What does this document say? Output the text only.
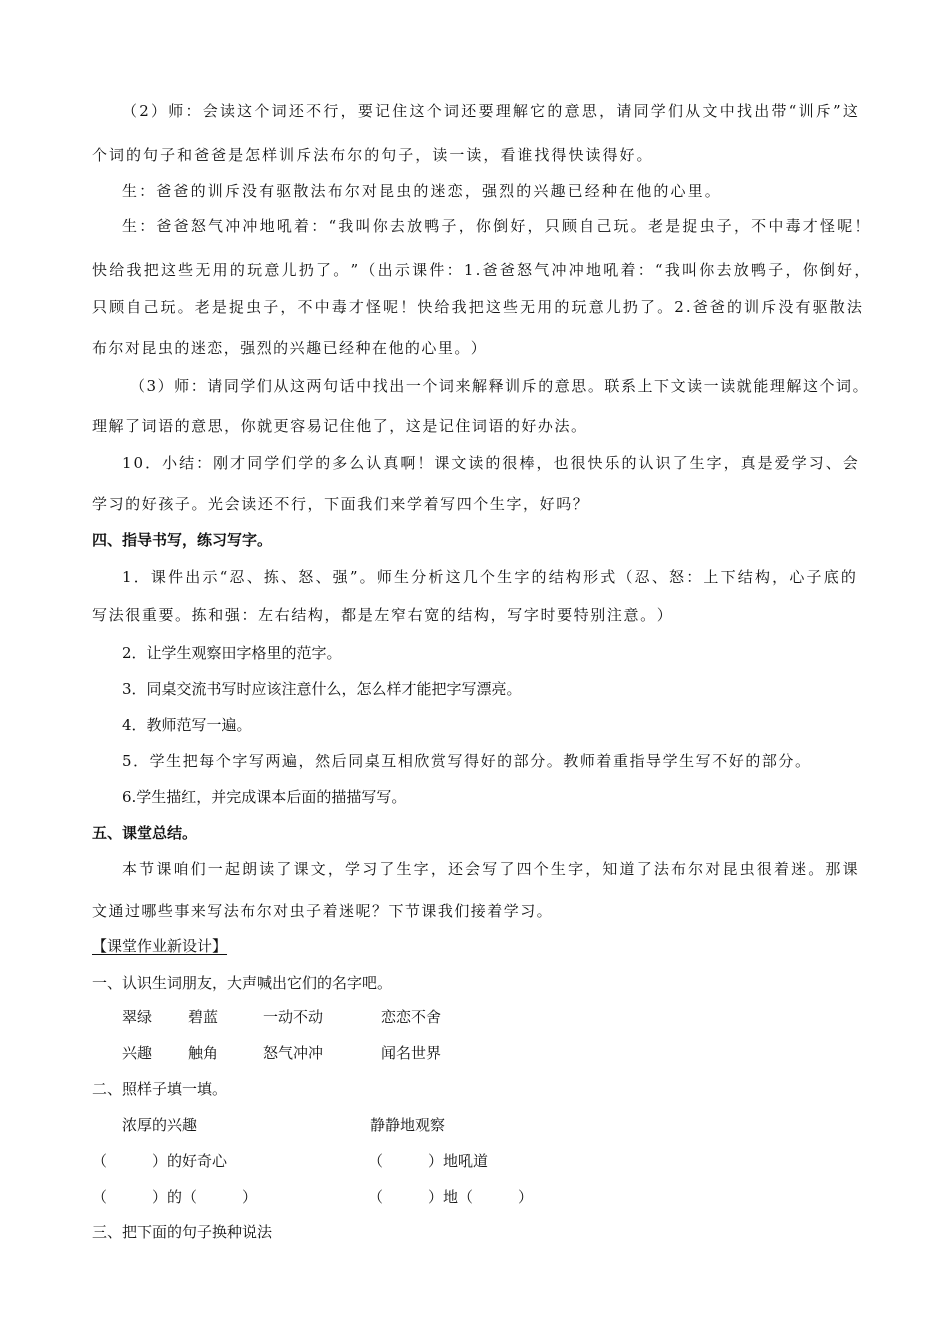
（ 2 ） 师 ： 会 读 这 个 词 还 不 行 ， 要 记 住 这 个 词 还 要 理 解 它 的 意 思 ， 请 同 学 们 从 文 中 找 出 带 “ 训 斥 ” 这
个 词 的 句 子 和 爸 爸 是 怎 样 训 斥 法 布 尔 的 句 子 ， 读 一 读 ， 看 谁 找 得 快 读 得 好 。
生 ： 爸 爸 的 训 斥 没 有 驱 散 法 布 尔 对 昆 虫 的 迷 恋 ， 强 烈 的 兴 趣 已 经 种 在 他 的 心 里 。
生 ： 爸 爸 怒 气 冲 冲 地 吼 着 ： “ 我 叫 你 去 放 鸭 子 ， 你 倒 好 ， 只 顾 自 己 玩 。 老 是 捉 虫 子 ， 不 中 毒 才 怪 呢 ！
快 给 我 把 这 些 无 用 的 玩 意 儿 扔 了 。 ” （ 出 示 课 件 ： 1 . 爸 爸 怒 气 冲 冲 地 吼 着 ： “ 我 叫 你 去 放 鸭 子 ， 你 倒 好 ，
只 顾 自 己 玩 。 老 是 捉 虫 子 ， 不 中 毒 才 怪 呢 ！ 快 给 我 把 这 些 无 用 的 玩 意 儿 扔 了 。 2 . 爸 爸 的 训 斥 没 有 驱 散 法
布 尔 对 昆 虫 的 迷 恋 ， 强 烈 的 兴 趣 已 经 种 在 他 的 心 里 。 ）
（ 3 ） 师 ： 请 同 学 们 从 这 两 句 话 中 找 出 一 个 词 来 解 释 训 斥 的 意 思 。 联 系 上 下 文 读 一 读 就 能 理 解 这 个 词 。
理 解 了 词 语 的 意 思 ， 你 就 更 容 易 记 住 他 了 ， 这 是 记 住 词 语 的 好 办 法 。
1 0 ． 小 结 ： 刚 才 同 学 们 学 的 多 么 认 真 啊 ！ 课 文 读 的 很 棒 ， 也 很 快 乐 的 认 识 了 生 字 ， 真 是 爱 学 习 、 会
学 习 的 好 孩 子 。 光 会 读 还 不 行 ， 下 面 我 们 来 学 着 写 四 个 生 字 ， 好 吗 ？
四、指导书写，练习写字。
1 ． 课 件 出 示 “ 忍 、 拣 、 怒 、 强 ” 。 师 生 分 析 这 几 个 生 字 的 结 构 形 式 （ 忍 、 怒 ： 上 下 结 构 ， 心 子 底 的
写 法 很 重 要 。 拣 和 强 ： 左 右 结 构 ， 都 是 左 窄 右 宽 的 结 构 ， 写 字 时 要 特 别 注 意 。 ）
2．让学生观察田字格里的范字。
3．同桌交流书写时应该注意什么，怎么样才能把字写漂亮。
4．教师范写一遍。
5 ． 学 生 把 每 个 字 写 两 遍 ， 然 后 同 桌 互 相 欣 赏 写 得 好 的 部 分 。 教 师 着 重 指 导 学 生 写 不 好 的 部 分 。
6.学生描红，并完成课本后面的描描写写。
五、课堂总结。
本 节 课 咱 们 一 起 朗 读 了 课 文 ， 学 习 了 生 字 ， 还 会 写 了 四 个 生 字 ， 知 道 了 法 布 尔 对 昆 虫 很 着 迷 。 那 课
文 通 过 哪 些 事 来 写 法 布 尔 对 虫 子 着 迷 呢 ？ 下 节 课 我 们 接 着 学 习 。
【课堂作业新设计】
一、认识生词朋友，大声喊出它们的名字吧。
翠绿 碧蓝	一动不动	恋恋不舍
兴趣 触角	怒气冲冲	闻名世界
二、照样子填一填。
浓厚的兴趣	静静地观察
（　　　）的好奇心	（　　　）地吼道
（　　　）的（　　　）	（　　　）地（　　　）
三、把下面的句子换种说法
